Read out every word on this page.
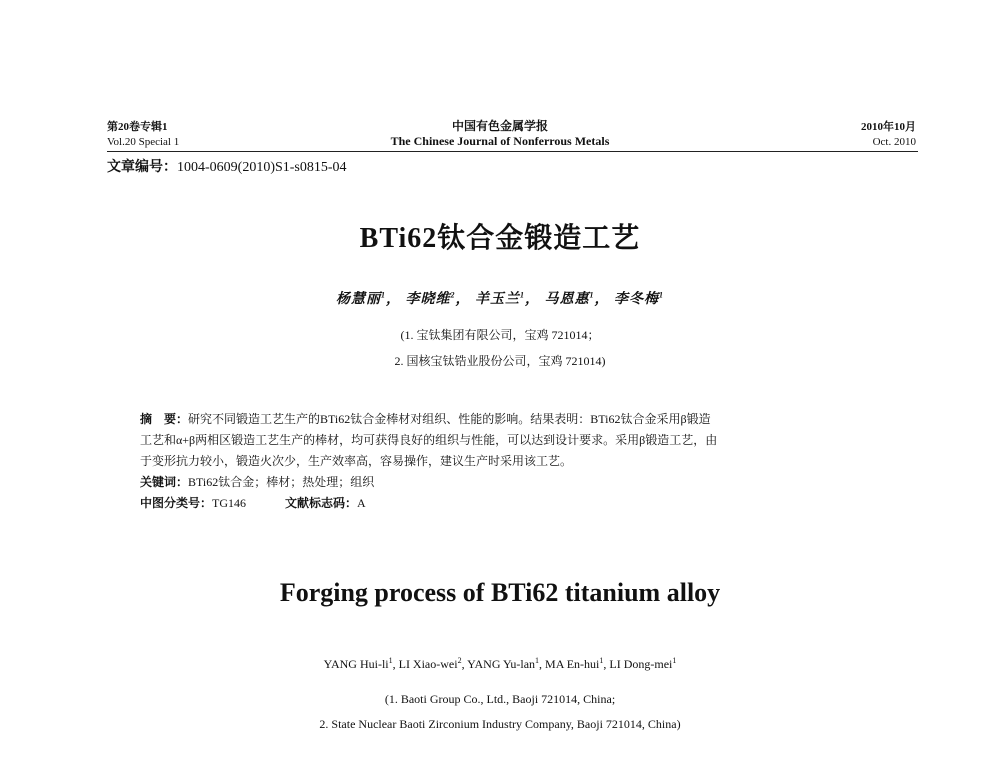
第20卷专辑1
Vol.20 Special 1
中国有色金属学报
The Chinese Journal of Nonferrous Metals
2010年10月
Oct. 2010
文章编号：1004-0609(2010)S1-s0815-04
BTi62钛合金锻造工艺
杨慧丽$^1$， 李晓维$^2$， 羊玉兰$^1$， 马恩惠$^1$， 李冬梅$^1$
(1. 宝钛集团有限公司，宝鸡 721014；
2. 国核宝钛锆业股份公司，宝鸡 721014)
摘　要：研究不同锻造工艺生产的BTi62钛合金棒材对组织、性能的影响。结果表明：BTi62钛合金采用β锻造
工艺和α+β两相区锻造工艺生产的棒材，均可获得良好的组织与性能，可以达到设计要求。采用β锻造工艺，由
于变形抗力较小，锻造火次少，生产效率高，容易操作，建议生产时采用该工艺。
关键词：BTi62钛合金；棒材；热处理；组织
中图分类号：TG146	文献标志码：A
Forging process of BTi62 titanium alloy
YANG Hui-$li^1$, LI Xiao-wei$^2$, YANG Yu-lan$^1$, MA En-hui$^1$, LI Dong-mei$^1$
(1. Baoti Group Co., Ltd., Baoji 721014, China;
2. State Nuclear Baoti Zirconium Industry Company, Baoji 721014, China)
